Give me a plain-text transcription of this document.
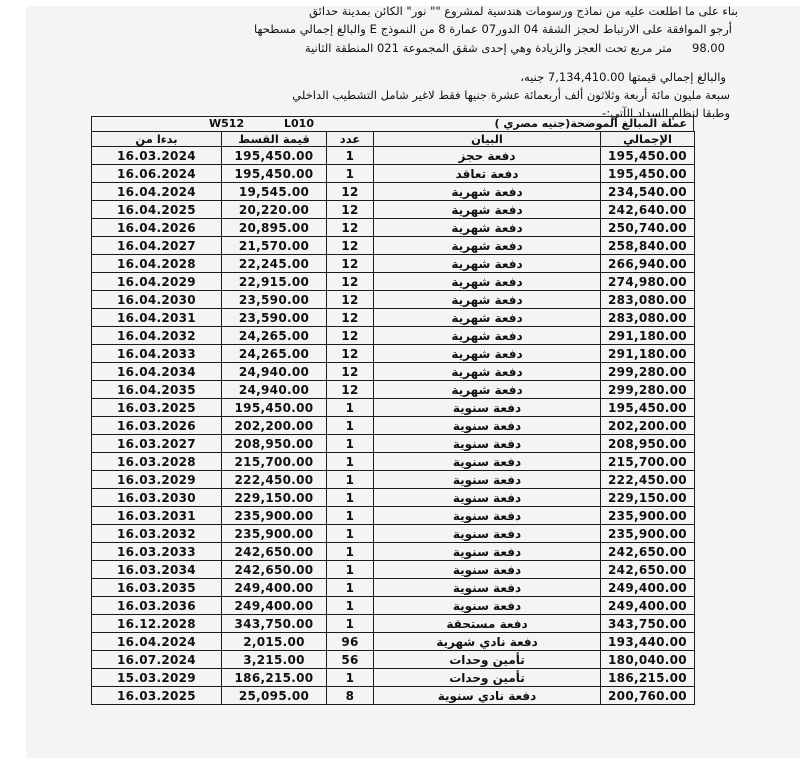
بناء على ما اطلعت عليه من نماذج ورسومات هندسية لمشروع "" نور" الكائن بمدينة حدائق
أرجو الموافقة على الارتباط لحجز الشقة 04 الدور07 عمارة 8 من النموذج E والبالغ إجمالي مسطحها
متر مربع تحت العجز والزيادة وهي إحدى شقق المجموعة 021 المنطقة الثانية 98.00
والبالغ إجمالي قيمتها 7,134,410.00 جنيه،
سبعة مليون مائة أربعة وثلاثون ألف أربعمائة عشرة جنيها فقط لاغير شامل التشطيب الداخلي
وطبقا لنظام السداد الآتي:-
W512	L010	عملة المبالغ الموضحة(جنيه مصري )
بدءا من	قيمة القسط	عدد	البيان	الإجمالي
16.03.2024	195,450.00	1	دفعة حجز	195,450.00
16.06.2024	195,450.00	1	دفعة تعاقد	195,450.00
16.04.2024	19,545.00	12	دفعة شهرية	234,540.00
16.04.2025	20,220.00	12	دفعة شهرية	242,640.00
16.04.2026	20,895.00	12	دفعة شهرية	250,740.00
16.04.2027	21,570.00	12	دفعة شهرية	258,840.00
16.04.2028	22,245.00	12	دفعة شهرية	266,940.00
16.04.2029	22,915.00	12	دفعة شهرية	274,980.00
16.04.2030	23,590.00	12	دفعة شهرية	283,080.00
16.04.2031	23,590.00	12	دفعة شهرية	283,080.00
16.04.2032	24,265.00	12	دفعة شهرية	291,180.00
16.04.2033	24,265.00	12	دفعة شهرية	291,180.00
16.04.2034	24,940.00	12	دفعة شهرية	299,280.00
16.04.2035	24,940.00	12	دفعة شهرية	299,280.00
16.03.2025	195,450.00	1	دفعة سنوية	195,450.00
16.03.2026	202,200.00	1	دفعة سنوية	202,200.00
16.03.2027	208,950.00	1	دفعة سنوية	208,950.00
16.03.2028	215,700.00	1	دفعة سنوية	215,700.00
16.03.2029	222,450.00	1	دفعة سنوية	222,450.00
16.03.2030	229,150.00	1	دفعة سنوية	229,150.00
16.03.2031	235,900.00	1	دفعة سنوية	235,900.00
16.03.2032	235,900.00	1	دفعة سنوية	235,900.00
16.03.2033	242,650.00	1	دفعة سنوية	242,650.00
16.03.2034	242,650.00	1	دفعة سنوية	242,650.00
16.03.2035	249,400.00	1	دفعة سنوية	249,400.00
16.03.2036	249,400.00	1	دفعة سنوية	249,400.00
16.12.2028	343,750.00	1	دفعة مستحقة	343,750.00
16.04.2024	2,015.00	96	دفعة نادي شهرية	193,440.00
16.07.2024	3,215.00	56	تأمين وحدات	180,040.00
15.03.2029	186,215.00	1	تأمين وحدات	186,215.00
16.03.2025	25,095.00	8	دفعة نادي سنوية	200,760.00
